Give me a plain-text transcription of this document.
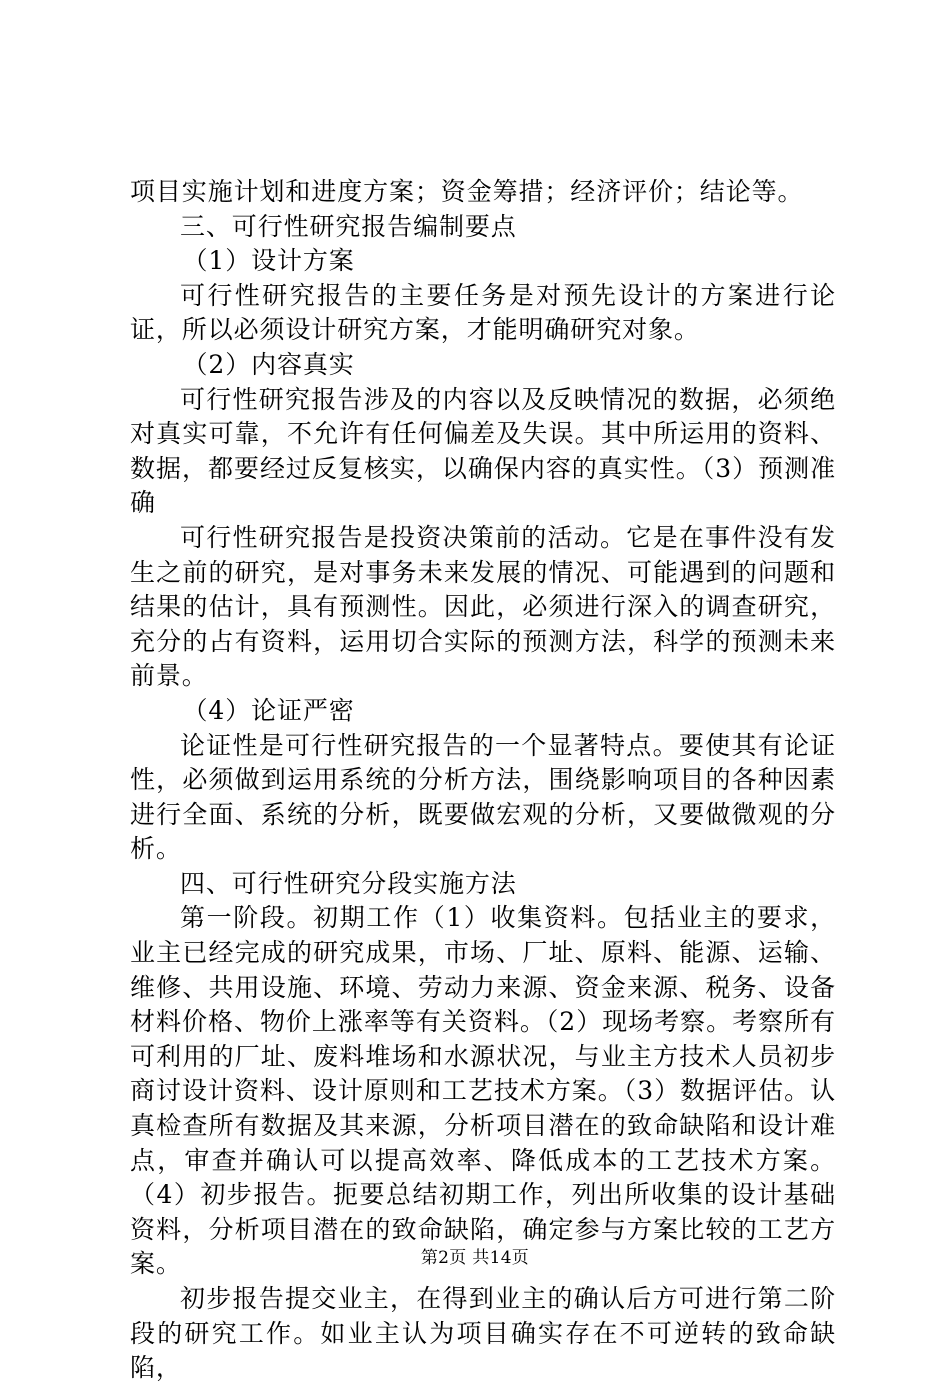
项目实施计划和进度方案；资金筹措；经济评价；结论等。

三、可行性研究报告编制要点

（1）设计方案

可行性研究报告的主要任务是对预先设计的方案进行论证，所以必须设计研究方案，才能明确研究对象。

（2）内容真实

可行性研究报告涉及的内容以及反映情况的数据，必须绝对真实可靠，不允许有任何偏差及失误。其中所运用的资料、数据，都要经过反复核实，以确保内容的真实性。（3）预测准确

可行性研究报告是投资决策前的活动。它是在事件没有发生之前的研究，是对事务未来发展的情况、可能遇到的问题和结果的估计，具有预测性。因此，必须进行深入的调查研究，充分的占有资料，运用切合实际的预测方法，科学的预测未来前景。

（4）论证严密

论证性是可行性研究报告的一个显著特点。要使其有论证性，必须做到运用系统的分析方法，围绕影响项目的各种因素进行全面、系统的分析，既要做宏观的分析，又要做微观的分析。

四、可行性研究分段实施方法

第一阶段。初期工作（1）收集资料。包括业主的要求，业主已经完成的研究成果，市场、厂址、原料、能源、运输、维修、共用设施、环境、劳动力来源、资金来源、税务、设备材料价格、物价上涨率等有关资料。（2）现场考察。考察所有可利用的厂址、废料堆场和水源状况，与业主方技术人员初步商讨设计资料、设计原则和工艺技术方案。（3）数据评估。认真检查所有数据及其来源，分析项目潜在的致命缺陷和设计难点，审查并确认可以提高效率、降低成本的工艺技术方案。（4）初步报告。扼要总结初期工作，列出所收集的设计基础资料，分析项目潜在的致命缺陷，确定参与方案比较的工艺方案。

初步报告提交业主，在得到业主的确认后方可进行第二阶段的研究工作。如业主认为项目确实存在不可逆转的致命缺陷，

第2页 共14页
